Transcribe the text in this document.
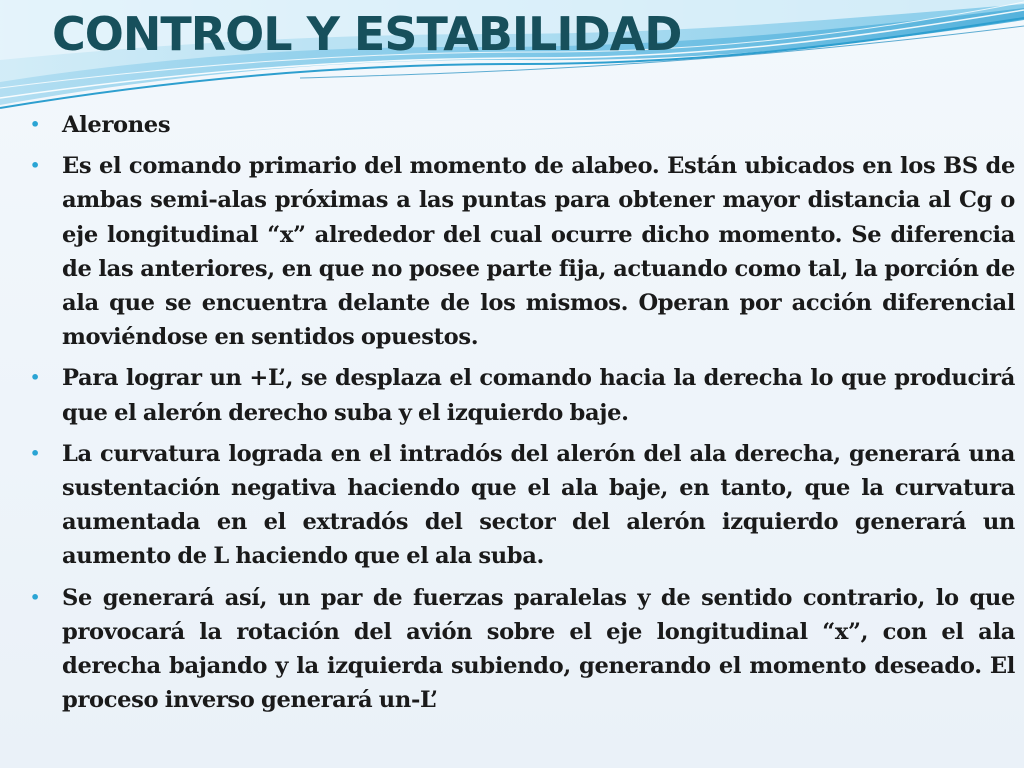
CONTROL Y ESTABILIDAD
• Alerones
• Es el comando primario del momento de alabeo. Están ubicados en los BS de ambas semi-alas próximas a las puntas para obtener mayor distancia al Cg o eje longitudinal “x” alrededor del cual ocurre dicho momento. Se diferencia de las anteriores, en que no posee parte fija, actuando como tal, la porción de ala que se encuentra delante de los mismos. Operan por acción diferencial moviéndose en sentidos opuestos.
• Para lograr un +L’, se desplaza el comando hacia la derecha lo que producirá que el alerón derecho suba y el izquierdo baje.
• La curvatura lograda en el intradós del alerón del ala derecha, generará una sustentación negativa haciendo que el ala baje, en tanto, que la curvatura aumentada en el extradós del sector del alerón izquierdo generará un aumento de L haciendo que el ala suba.
• Se generará así, un par de fuerzas paralelas y de sentido contrario, lo que provocará la rotación del avión sobre el eje longitudinal “x”, con el ala derecha bajando y la izquierda subiendo, generando el momento deseado. El proceso inverso generará un-L’
